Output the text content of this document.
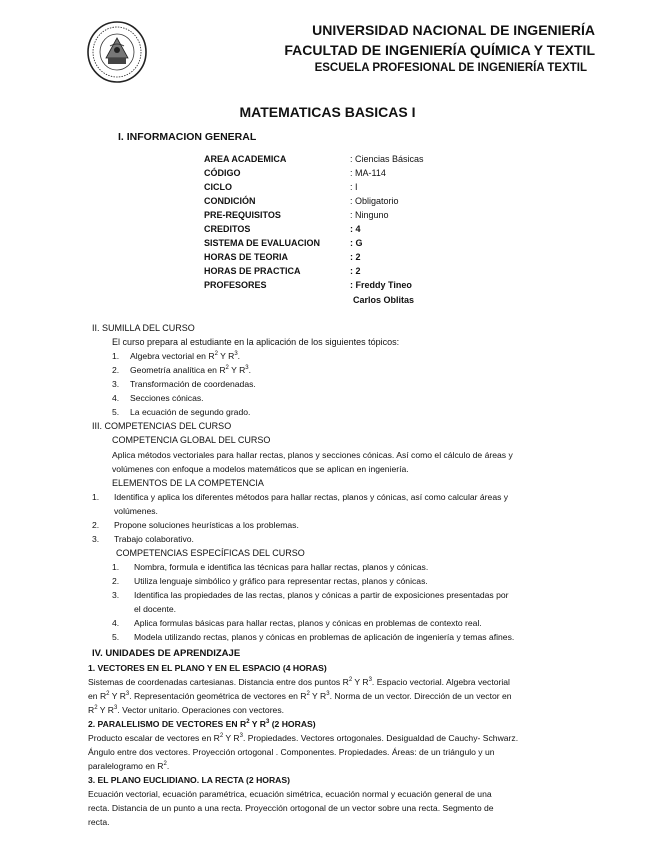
UNIVERSIDAD NACIONAL DE INGENIERÍA
FACULTAD DE INGENIERÍA QUÍMICA Y TEXTIL
ESCUELA PROFESIONAL DE INGENIERÍA TEXTIL
MATEMATICAS BASICAS I
I. INFORMACION GENERAL
AREA ACADEMICA	: Ciencias Básicas
CÓDIGO	: MA-114
CICLO	: I
CONDICIÓN	: Obligatorio
PRE-REQUISITOS	: Ninguno
CREDITOS	: 4
SISTEMA DE EVALUACION	: G
HORAS DE TEORIA	: 2
HORAS DE PRACTICA	: 2
PROFESORES	: Freddy Tineo
Carlos Oblitas
II. SUMILLA DEL CURSO
El curso prepara al estudiante en la aplicación de los siguientes tópicos:
1. Algebra vectorial en $R^2$ Y $R^3$.
2. Geometría analítica en $R^2$ Y $R^3$.
3. Transformación de coordenadas.
4. Secciones cónicas.
5. La ecuación de segundo grado.
III. COMPETENCIAS DEL CURSO
COMPETENCIA GLOBAL DEL CURSO
Aplica métodos vectoriales para hallar rectas, planos y secciones cónicas. Así como el cálculo de áreas y
volúmenes con enfoque a modelos matemáticos que se aplican en ingeniería.
ELEMENTOS DE LA COMPETENCIA
1. Identifica y aplica los diferentes métodos para hallar rectas, planos y cónicas, así como calcular áreas y
volúmenes.
2. Propone soluciones heurísticas a los problemas.
3. Trabajo colaborativo.
COMPETENCIAS ESPECÍFICAS DEL CURSO
1. Nombra, formula e identifica las técnicas para hallar rectas, planos y cónicas.
2. Utiliza lenguaje simbólico y gráfico para representar rectas, planos y cónicas.
3. Identifica las propiedades de las rectas, planos y cónicas a partir de exposiciones presentadas por
el docente.
4. Aplica formulas básicas para hallar rectas, planos y cónicas en problemas de contexto real.
5. Modela utilizando rectas, planos y cónicas en problemas de aplicación de ingeniería y temas afines.
IV. UNIDADES DE APRENDIZAJE
1. VECTORES EN EL PLANO Y EN EL ESPACIO (4 HORAS)
Sistemas de coordenadas cartesianas. Distancia entre dos puntos $R^2$ Y $R^3$. Espacio vectorial. Algebra vectorial
en $R^2$ Y $R^3$. Representación geométrica de vectores en $R^2$ Y $R^3$. Norma de un vector. Dirección de un vector en
$R^2$ Y $R^3$. Vector unitario. Operaciones con vectores.
2. PARALELISMO DE VECTORES EN $R^2$ Y $R^3$ (2 HORAS)
Producto escalar de vectores en $R^2$ Y $R^3$. Propiedades. Vectores ortogonales. Desigualdad de Cauchy- Schwarz.
Ángulo entre dos vectores. Proyección ortogonal . Componentes. Propiedades. Áreas: de un triángulo y un
paralelogramo en $R^2$.
3. EL PLANO EUCLIDIANO. LA RECTA (2 HORAS)
Ecuación vectorial, ecuación paramétrica, ecuación simétrica, ecuación normal y ecuación general de una
recta. Distancia de un punto a una recta. Proyección ortogonal de un vector sobre una recta. Segmento de
recta.
